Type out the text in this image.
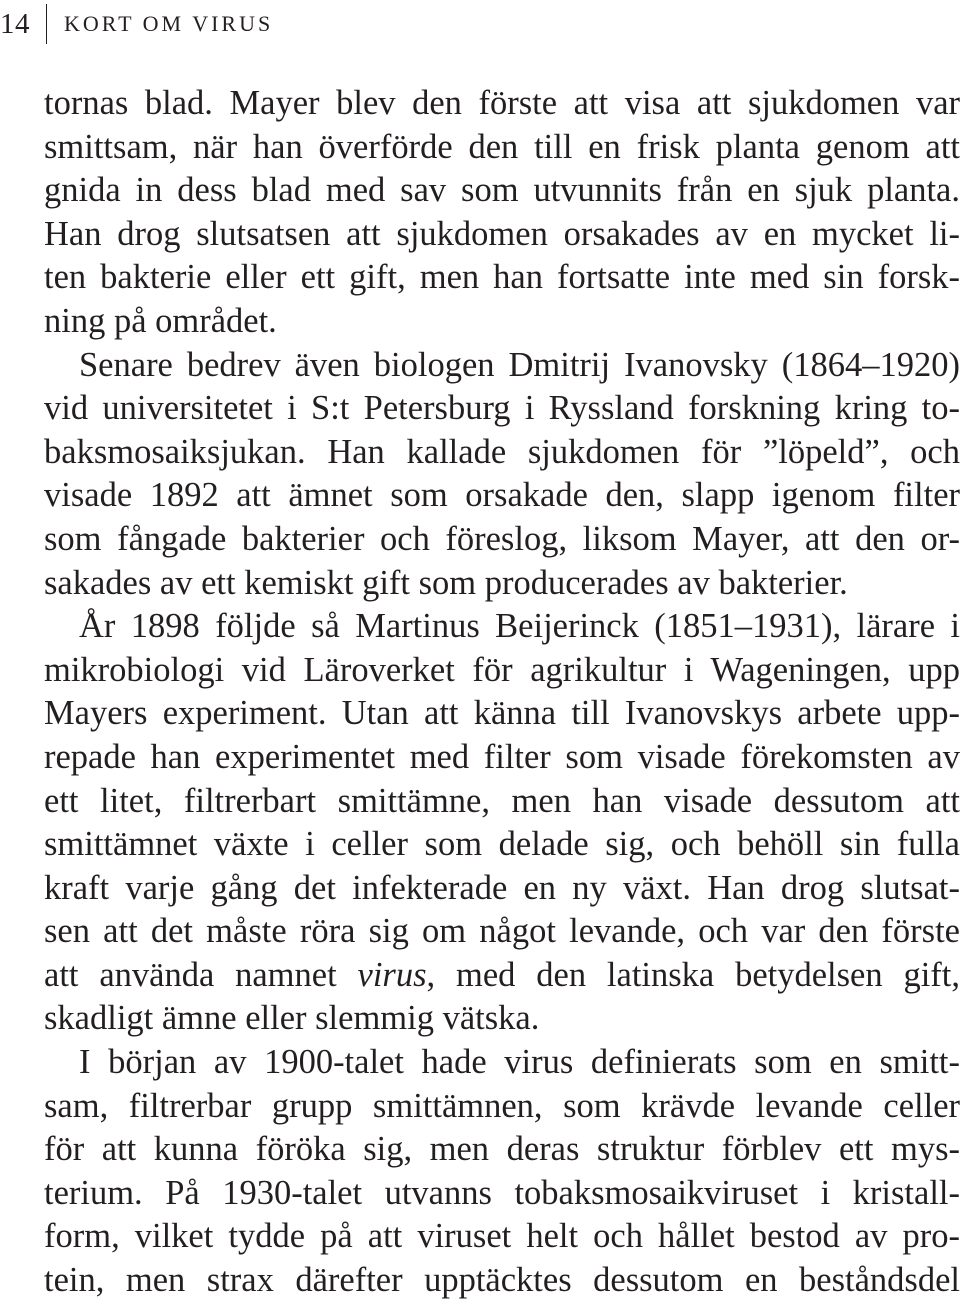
14	KORT OM VIRUS
tornas blad. Mayer blev den förste att visa att sjukdomen var
smittsam, när han överförde den till en frisk planta genom att
gnida in dess blad med sav som utvunnits från en sjuk planta.
Han drog slutsatsen att sjukdomen orsakades av en mycket li-
ten bakterie eller ett gift, men han fortsatte inte med sin forsk-
ning på området.
Senare bedrev även biologen Dmitrij Ivanovsky (1864–1920)
vid universitetet i S:t Petersburg i Ryssland forskning kring to-
baksmosaiksjukan. Han kallade sjukdomen för ”löpeld”, och
visade 1892 att ämnet som orsakade den, slapp igenom filter
som fångade bakterier och föreslog, liksom Mayer, att den or-
sakades av ett kemiskt gift som producerades av bakterier.
År 1898 följde så Martinus Beijerinck (1851–1931), lärare i
mikrobiologi vid Läroverket för agrikultur i Wageningen, upp
Mayers experiment. Utan att känna till Ivanovskys arbete upp-
repade han experimentet med filter som visade förekomsten av
ett litet, filtrerbart smittämne, men han visade dessutom att
smittämnet växte i celler som delade sig, och behöll sin fulla
kraft varje gång det infekterade en ny växt. Han drog slutsat-
sen att det måste röra sig om något levande, och var den förste
att använda namnet virus, med den latinska betydelsen gift,
skadligt ämne eller slemmig vätska.
I början av 1900-talet hade virus definierats som en smitt-
sam, filtrerbar grupp smittämnen, som krävde levande celler
för att kunna föröka sig, men deras struktur förblev ett mys-
terium. På 1930-talet utvanns tobaksmosaikviruset i kristall-
form, vilket tydde på att viruset helt och hållet bestod av pro-
tein, men strax därefter upptäcktes dessutom en beståndsdel
